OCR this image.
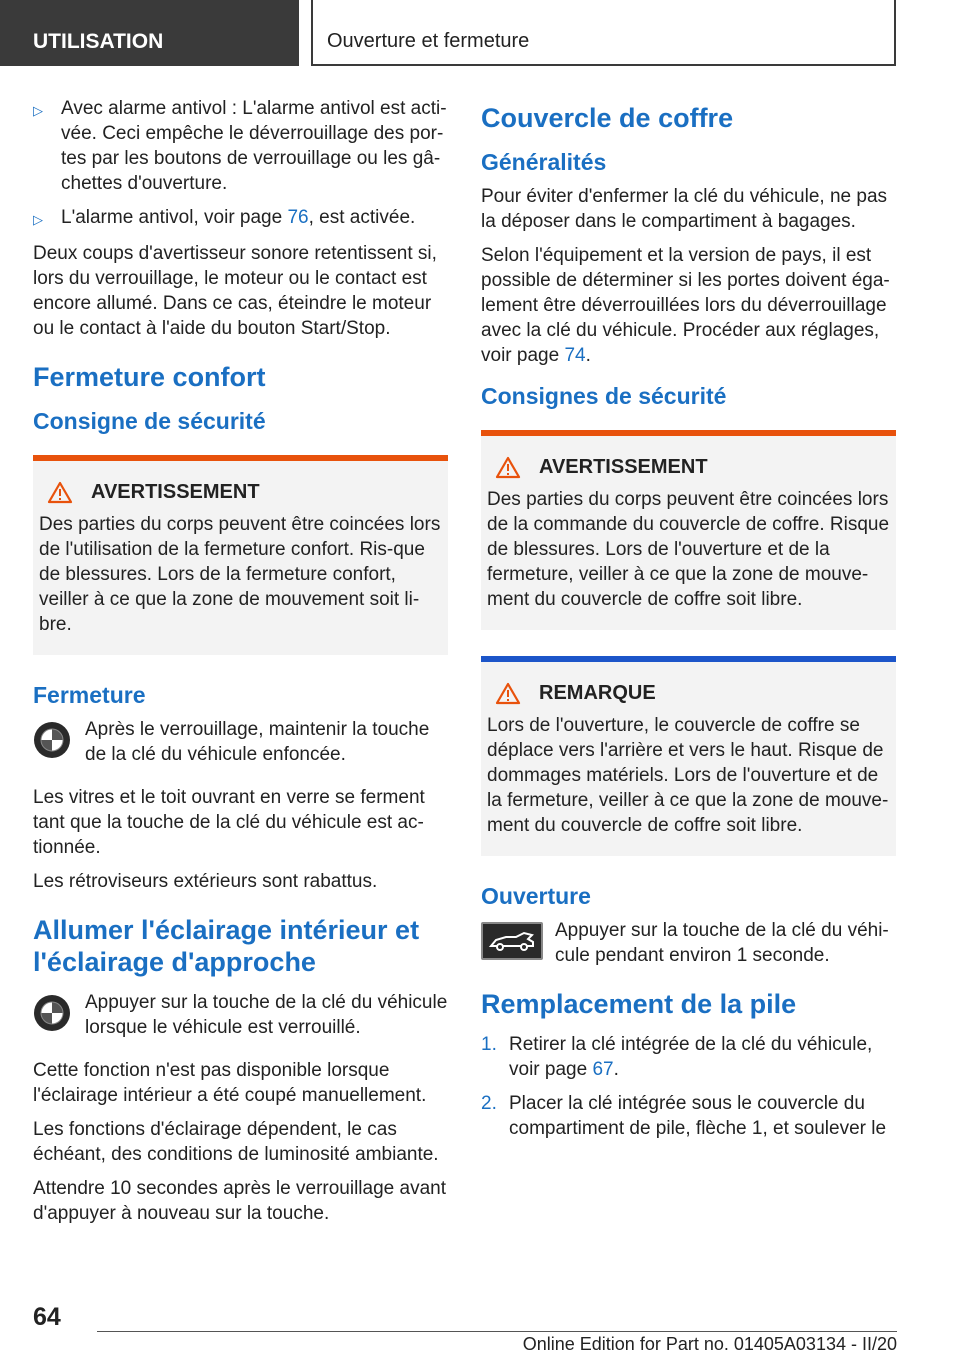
UTILISATION	Ouverture et fermeture
▷ Avec alarme antivol : L'alarme antivol est acti-vée. Ceci empêche le déverrouillage des por-tes par les boutons de verrouillage ou les gâ-chettes d'ouverture.
▷ L'alarme antivol, voir page 76, est activée.

Deux coups d'avertisseur sonore retentissent si, lors du verrouillage, le moteur ou le contact est encore allumé. Dans ce cas, éteindre le moteur ou le contact à l'aide du bouton Start/Stop.

Fermeture confort
Consigne de sécurité
AVERTISSEMENT

Des parties du corps peuvent être coincées lors de l'utilisation de la fermeture confort. Ris-que de blessures. Lors de la fermeture confort, veiller à ce que la zone de mouvement soit li-bre.

Fermeture

Après le verrouillage, maintenir la touche de la clé du véhicule enfoncée.

Les vitres et le toit ouvrant en verre se ferment tant que la touche de la clé du véhicule est ac-tionnée.

Les rétroviseurs extérieurs sont rabattus.

Allumer l'éclairage intérieur et l'éclairage d'approche

Appuyer sur la touche de la clé du véhicule lorsque le véhicule est verrouillé.

Cette fonction n'est pas disponible lorsque l'éclairage intérieur a été coupé manuellement.

Les fonctions d'éclairage dépendent, le cas échéant, des conditions de luminosité ambiante.

Attendre 10 secondes après le verrouillage avant d'appuyer à nouveau sur la touche.

Couvercle de coffre
Généralités

Pour éviter d'enfermer la clé du véhicule, ne pas la déposer dans le compartiment à bagages.

Selon l'équipement et la version de pays, il est possible de déterminer si les portes doivent éga-lement être déverrouillées lors du déverrouillage avec la clé du véhicule. Procéder aux réglages, voir page 74.

Consignes de sécurité
AVERTISSEMENT

Des parties du corps peuvent être coincées lors de la commande du couvercle de coffre. Risque de blessures. Lors de l'ouverture et de la fermeture, veiller à ce que la zone de mouve-ment du couvercle de coffre soit libre.

REMARQUE

Lors de l'ouverture, le couvercle de coffre se déplace vers l'arrière et vers le haut. Risque de dommages matériels. Lors de l'ouverture et de la fermeture, veiller à ce que la zone de mouve-ment du couvercle de coffre soit libre.

Ouverture

Appuyer sur la touche de la clé du véhi-cule pendant environ 1 seconde.

Remplacement de la pile
1. Retirer la clé intégrée de la clé du véhicule, voir page 67.
2. Placer la clé intégrée sous le couvercle du compartiment de pile, flèche 1, et soulever le
64
Online Edition for Part no. 01405A03134 - II/20
